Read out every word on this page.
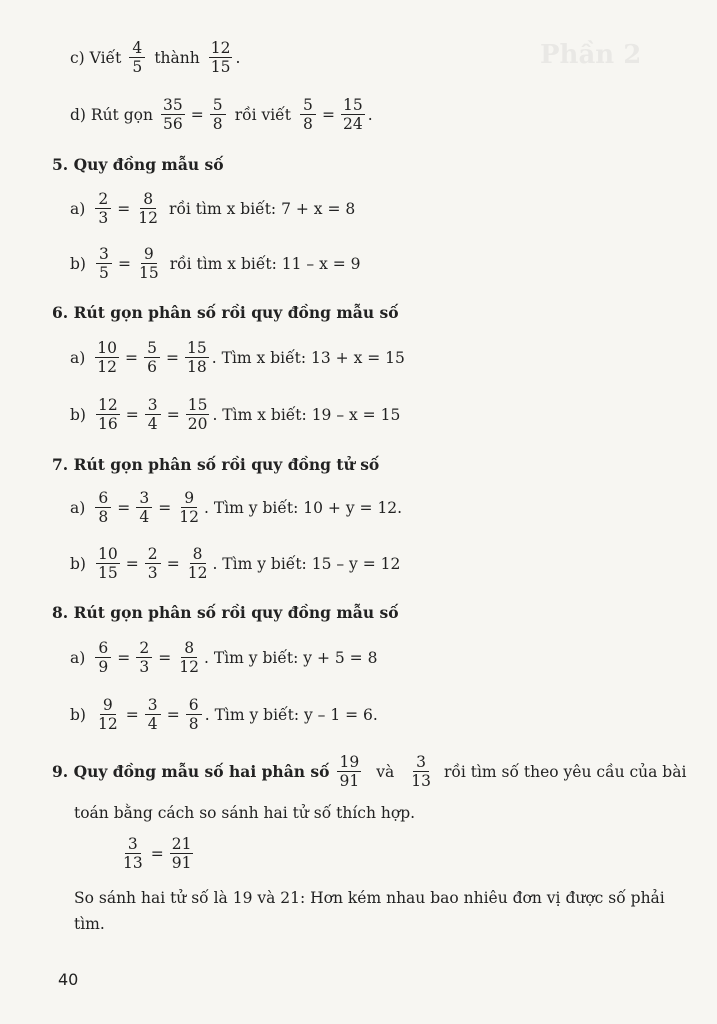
Phần 2
c) Viết $\frac{4}{5}$ thành $\frac{12}{15}$ .
d) Rút gọn $\frac{35}{56} = \frac{5}{8}$ rồi viết $\frac{5}{8} = \frac{15}{24}$ .
5. Quy đồng mẫu số
$a) \frac{2}{3} = \frac{8}{12}$ rồi tìm x biết: 7 + x = 8
$b) \frac{3}{5} = \frac{9}{15}$ rồi tìm x biết: 11 – x = 9
6. Rút gọn phân số rồi quy đồng mẫu số
$a) \frac{10}{12} = \frac{5}{6} = \frac{15}{18}$ . Tìm x biết: 13 + x = 15
$b) \frac{12}{16} = \frac{3}{4} = \frac{15}{20}$ . Tìm x biết: 19 – x = 15
7. Rút gọn phân số rồi quy đồng tử số
$a) \frac{6}{8} = \frac{3}{4} = \frac{9}{12}$ . Tìm y biết: 10 + y = 12.
$b) \frac{10}{15} = \frac{2}{3} = \frac{8}{12}$ . Tìm y biết: 15 – y = 12
8. Rút gọn phân số rồi quy đồng mẫu số
$a) \frac{6}{9} = \frac{2}{3} = \frac{8}{12}$ . Tìm y biết: y + 5 = 8
$b) \frac{9}{12} = \frac{3}{4} = \frac{6}{8}$ . Tìm y biết: y – 1 = 6.
9. Quy đồng mẫu số hai phân số $\frac{19}{91}$ và $\frac{3}{13}$ rồi tìm số theo yêu cầu của bài
toán bằng cách so sánh hai tử số thích hợp.
$\frac{3}{13} = \frac{21}{91}$
So sánh hai tử số là 19 và 21: Hơn kém nhau bao nhiêu đơn vị được số phải tìm.
40
